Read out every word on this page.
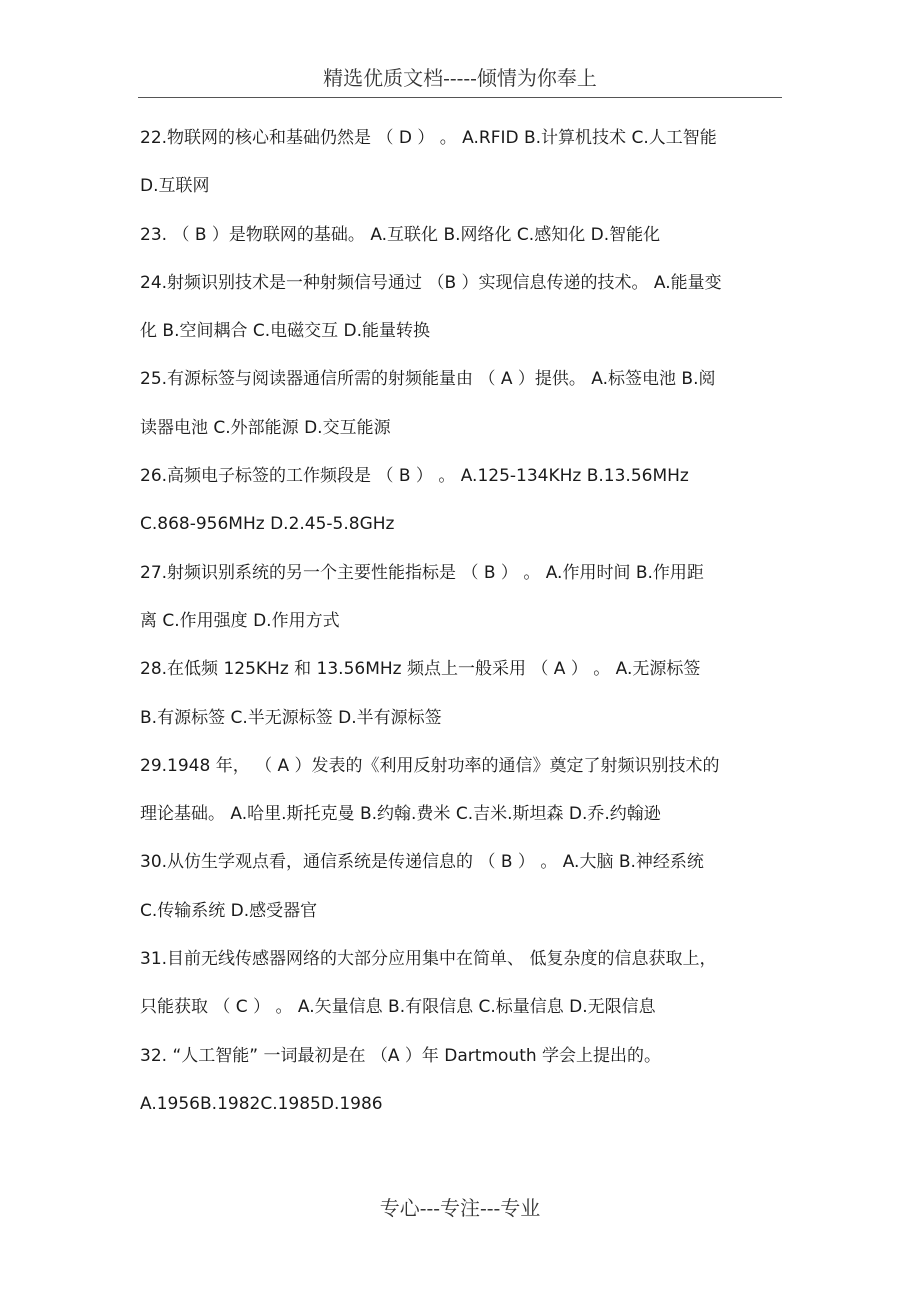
精选优质文档-----倾情为你奉上
22.物联网的核心和基础仍然是 （ D ） 。 A.RFID B.计算机技术 C.人工智能
D.互联网
23. （ B ）是物联网的基础。 A.互联化 B.网络化 C.感知化 D.智能化
24.射频识别技术是一种射频信号通过 （B ）实现信息传递的技术。 A.能量变
化 B.空间耦合 C.电磁交互 D.能量转换
25.有源标签与阅读器通信所需的射频能量由 （ A ）提供。 A.标签电池 B.阅
读器电池 C.外部能源 D.交互能源
26.高频电子标签的工作频段是 （ B ） 。 A.125-134KHz B.13.56MHz
C.868-956MHz D.2.45-5.8GHz
27.射频识别系统的另一个主要性能指标是 （ B ） 。 A.作用时间 B.作用距
离 C.作用强度 D.作用方式
28.在低频 125KHz 和 13.56MHz 频点上一般采用 （ A ） 。 A.无源标签
B.有源标签 C.半无源标签 D.半有源标签
29.1948 年， （ A ）发表的《利用反射功率的通信》奠定了射频识别技术的
理论基础。 A.哈里.斯托克曼 B.约翰.费米 C.吉米.斯坦森 D.乔.约翰逊
30.从仿生学观点看，通信系统是传递信息的 （ B ） 。 A.大脑 B.神经系统
C.传输系统 D.感受器官
31.目前无线传感器网络的大部分应用集中在简单、 低复杂度的信息获取上，
只能获取 （ C ） 。 A.矢量信息 B.有限信息 C.标量信息 D.无限信息
32. “人工智能” 一词最初是在 （A ）年 Dartmouth 学会上提出的。
A.1956B.1982C.1985D.1986
专心---专注---专业
